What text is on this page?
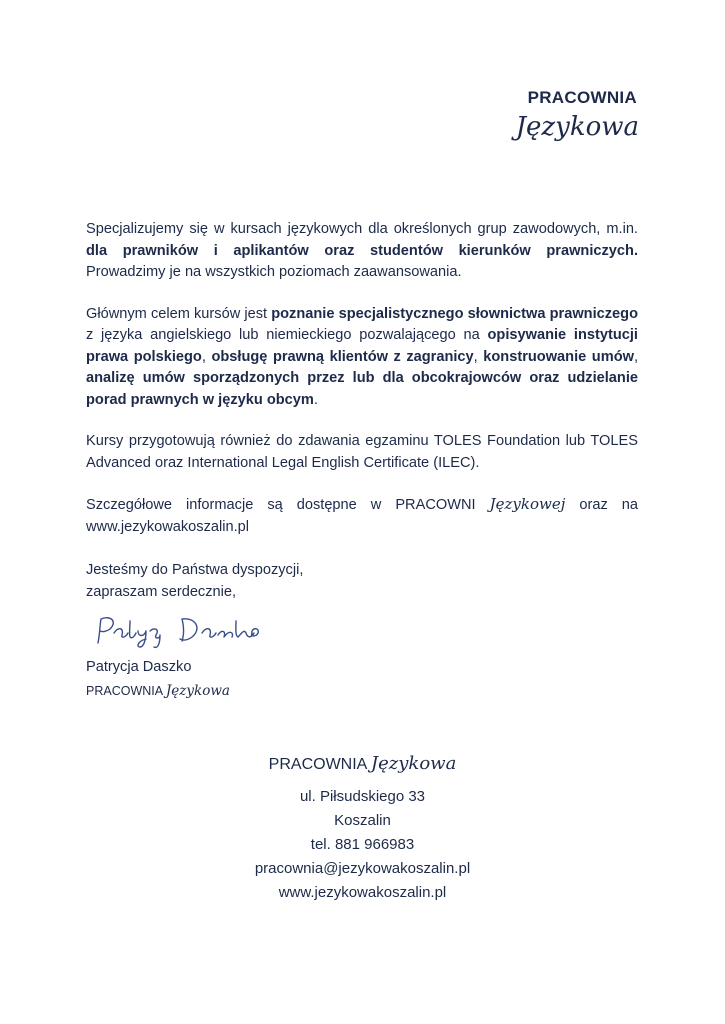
PRACOWNIA
Językowa

Specjalizujemy się w kursach językowych dla określonych grup zawodowych, m.in. dla prawników i aplikantów oraz studentów kierunków prawniczych. Prowadzimy je na wszystkich poziomach zaawansowania.

Głównym celem kursów jest poznanie specjalistycznego słownictwa prawniczego z języka angielskiego lub niemieckiego pozwalającego na opisywanie instytucji prawa polskiego, obsługę prawną klientów z zagranicy, konstruowanie umów, analizę umów sporządzonych przez lub dla obcokrajowców oraz udzielanie porad prawnych w języku obcym.

Kursy przygotowują również do zdawania egzaminu TOLES Foundation lub TOLES Advanced oraz International Legal English Certificate (ILEC).

Szczegółowe informacje są dostępne w PRACOWNI Językowej oraz na www.jezykowakoszalin.pl

Jesteśmy do Państwa dyspozycji,
zapraszam serdecznie,
Patrycja Daszko
Patrycja Daszko
PRACOWNIA Językowa
PRACOWNIA Językowa
ul. Piłsudskiego 33
Koszalin
tel. 881 966983
pracownia@jezykowakoszalin.pl
www.jezykowakoszalin.pl
